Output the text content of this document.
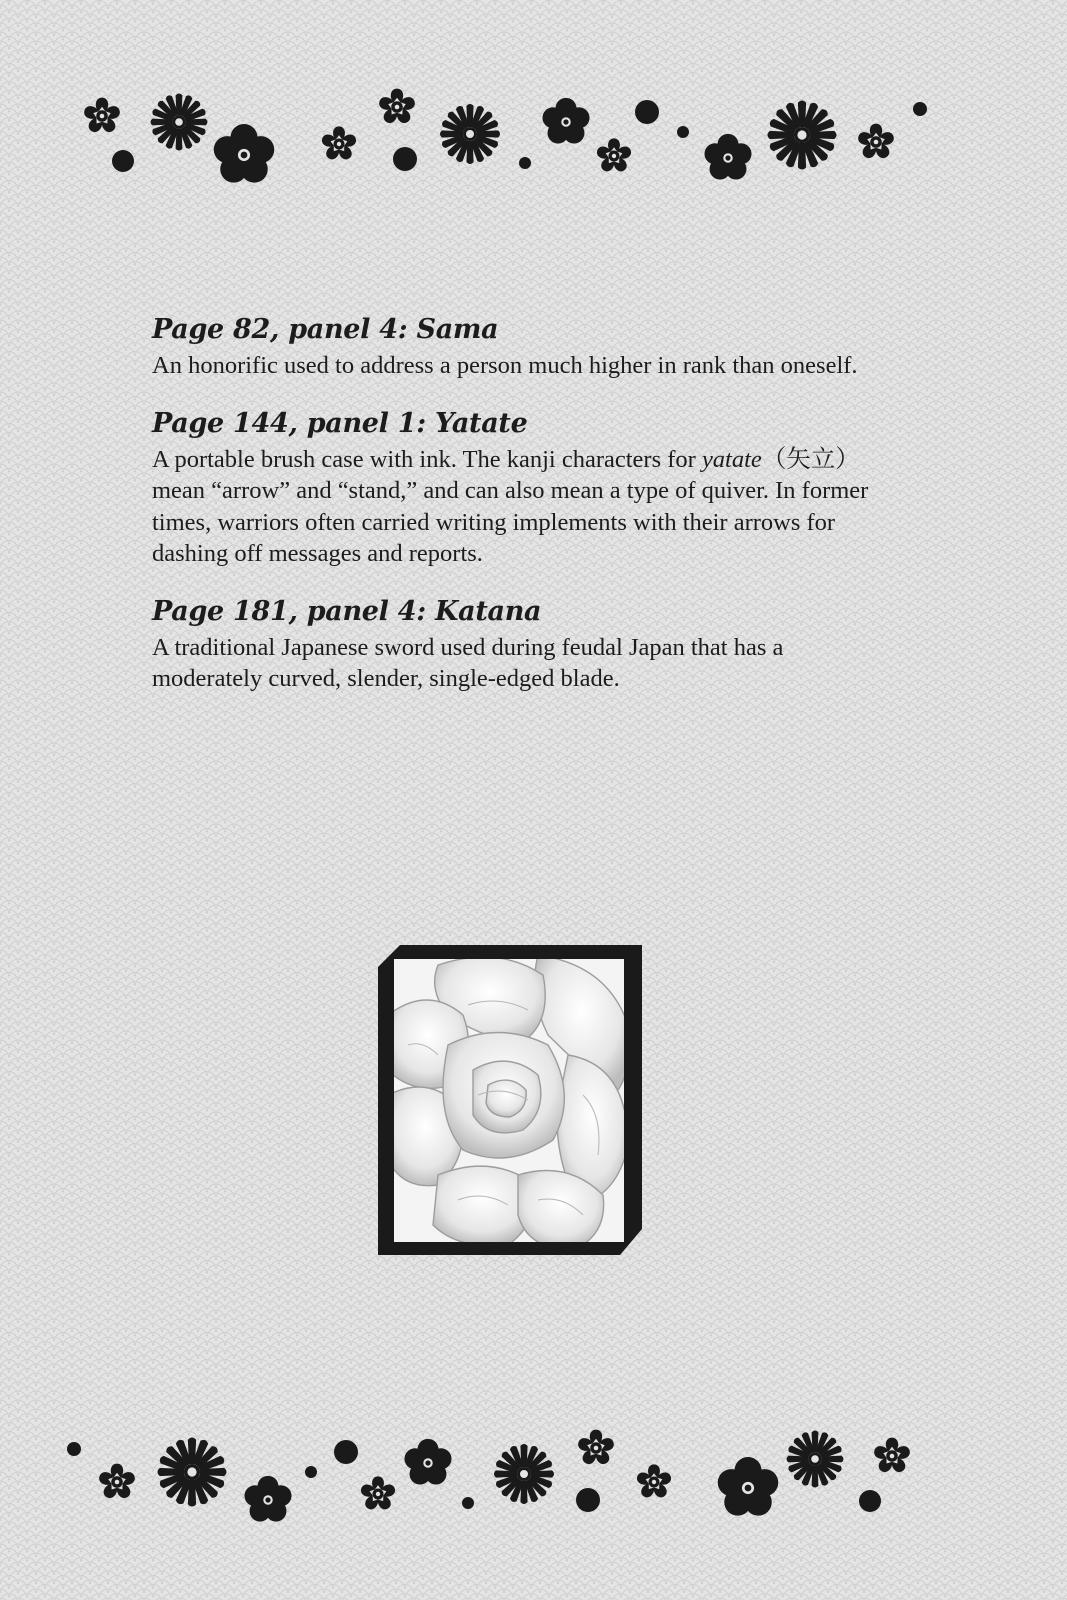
Page 82, panel 4: Sama

An honorific used to address a person much higher in rank than oneself.

Page 144, panel 1: Yatate

A portable brush case with ink. The kanji characters for yatate（矢立） mean “arrow” and “stand,” and can also mean a type of quiver. In former times, warriors often carried writing implements with their arrows for dashing off messages and reports.

Page 181, panel 4: Katana

A traditional Japanese sword used during feudal Japan that has a moderately curved, slender, single-edged blade.
